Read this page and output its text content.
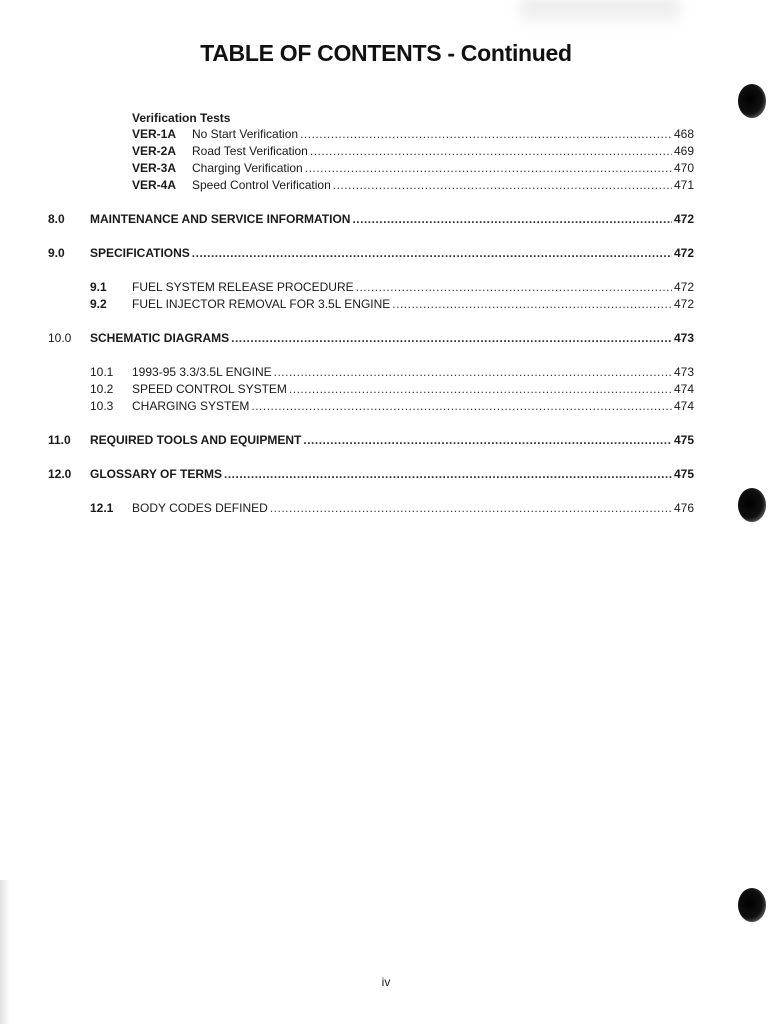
TABLE OF CONTENTS - Continued
Verification Tests
VER-1A	No Start Verification .....	468
VER-2A	Road Test Verification .....	469
VER-3A	Charging Verification .....	470
VER-4A	Speed Control Verification .....	471
8.0 MAINTENANCE AND SERVICE INFORMATION .....	472
9.0 SPECIFICATIONS .....	472
9.1	FUEL SYSTEM RELEASE PROCEDURE .....	472
9.2	FUEL INJECTOR REMOVAL FOR 3.5L ENGINE .....	472
10.0 SCHEMATIC DIAGRAMS .....	473
10.1	1993-95 3.3/3.5L ENGINE .....	473
10.2	SPEED CONTROL SYSTEM .....	474
10.3	CHARGING SYSTEM .....	474
11.0 REQUIRED TOOLS AND EQUIPMENT .....	475
12.0 GLOSSARY OF TERMS .....	475
12.1	BODY CODES DEFINED .....	476
iv
